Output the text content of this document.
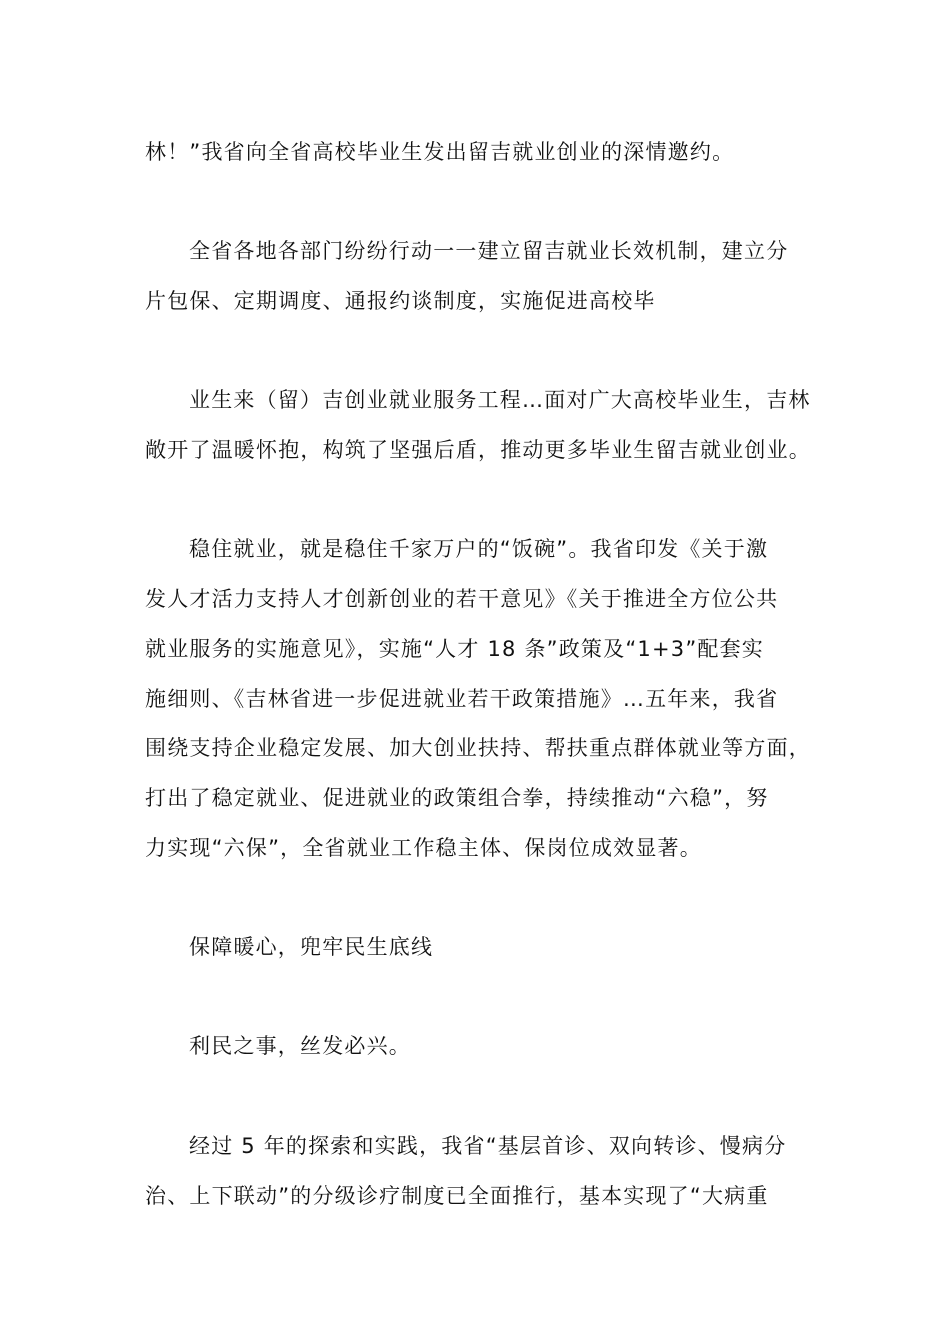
林！”我省向全省高校毕业生发出留吉就业创业的深情邀约。
全省各地各部门纷纷行动一一建立留吉就业长效机制，建立分
片包保、定期调度、通报约谈制度，实施促进高校毕
业生来（留）吉创业就业服务工程…面对广大高校毕业生，吉林
敞开了温暖怀抱，构筑了坚强后盾，推动更多毕业生留吉就业创业。
稳住就业，就是稳住千家万户的“饭碗”。我省印发《关于激
发人才活力支持人才创新创业的若干意见》《关于推进全方位公共
就业服务的实施意见》，实施“人才 18 条”政策及“1+3”配套实
施细则、《吉林省进一步促进就业若干政策措施》…五年来，我省
围绕支持企业稳定发展、加大创业扶持、帮扶重点群体就业等方面，
打出了稳定就业、促进就业的政策组合拳，持续推动“六稳”，努
力实现“六保”，全省就业工作稳主体、保岗位成效显著。
保障暖心，兜牢民生底线
利民之事，丝发必兴。
经过 5 年的探索和实践，我省“基层首诊、双向转诊、慢病分
治、上下联动”的分级诊疗制度已全面推行，基本实现了“大病重
